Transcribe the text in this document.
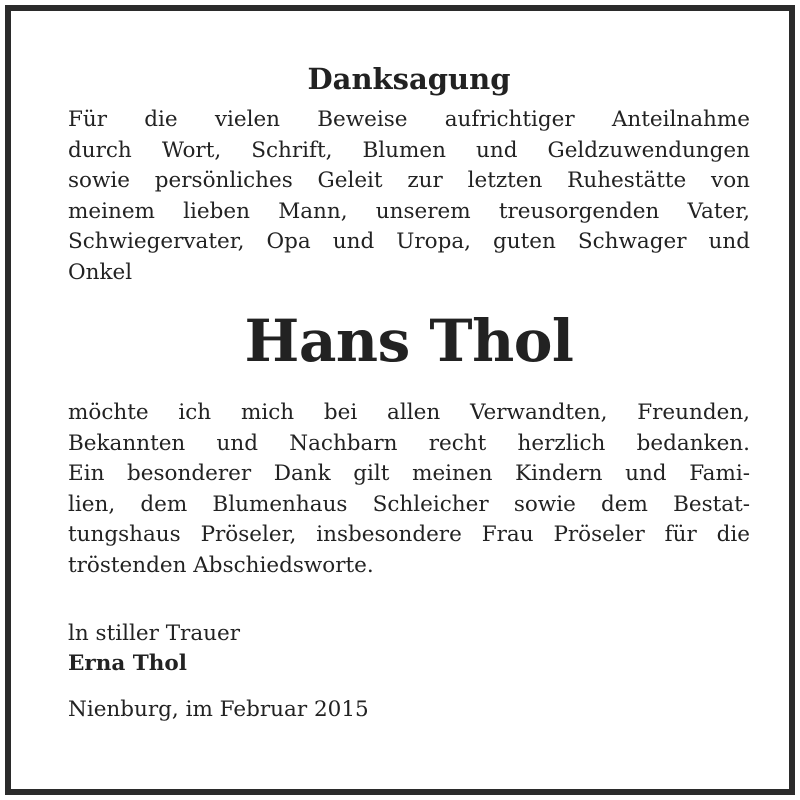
Danksagung
Für die vielen Beweise aufrichtiger Anteilnahme
durch Wort, Schrift, Blumen und Geldzuwendungen
sowie persönliches Geleit zur letzten Ruhestätte von
meinem lieben Mann, unserem treusorgenden Vater,
Schwiegervater, Opa und Uropa, guten Schwager und
Onkel
Hans Thol
möchte ich mich bei allen Verwandten, Freunden,
Bekannten und Nachbarn recht herzlich bedanken.
Ein besonderer Dank gilt meinen Kindern und Fami-
lien, dem Blumenhaus Schleicher sowie dem Bestat-
tungshaus Pröseler, insbesondere Frau Pröseler für die
tröstenden Abschiedsworte.

ln stiller Trauer

Erna Thol

Nienburg, im Februar 2015
